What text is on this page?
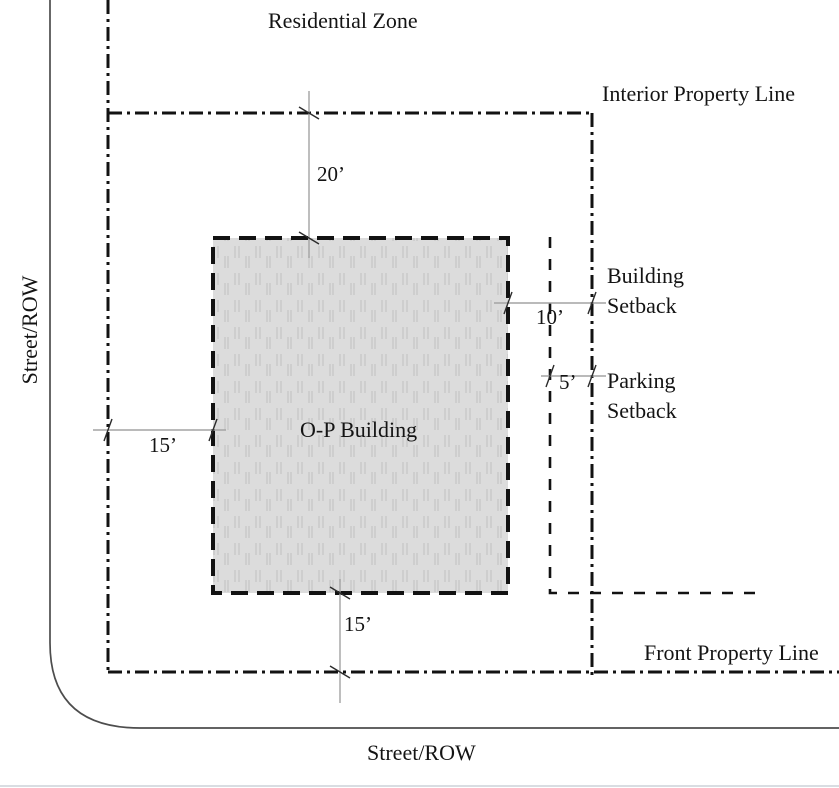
Residential Zone
Interior Property Line
Building Setback
Parking Setback
Front Property Line
O-P Building
Street/ROW
Street/ROW
20’
10’
5’
15’
15’
